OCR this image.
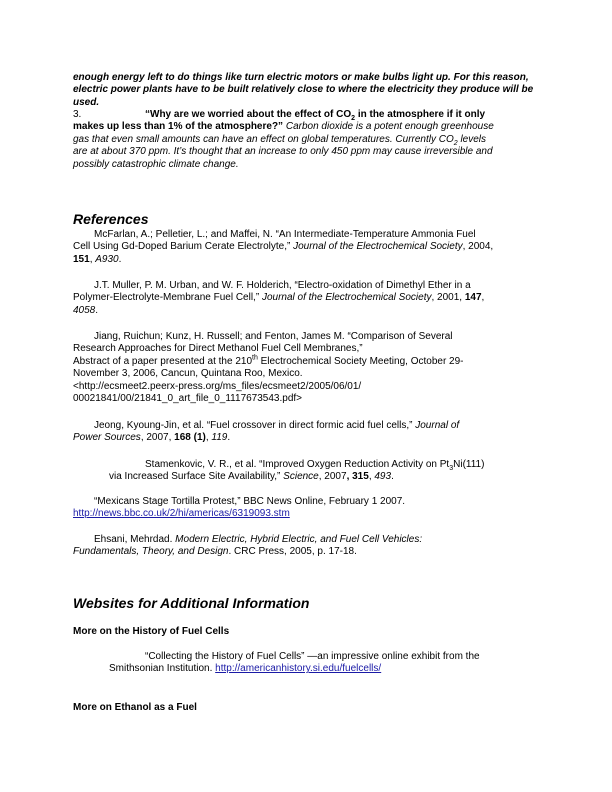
enough energy left to do things like turn electric motors or make bulbs light up. For this reason,
electric power plants have to be built relatively close to where the electricity they produce will be
used.
3.	“Why are we worried about the effect of $CO_2$ in the atmosphere if it only
makes up less than 1% of the atmosphere?” Carbon dioxide is a potent enough greenhouse
gas that even small amounts can have an effect on global temperatures. Currently $CO_2$ levels
are at about 370 ppm. It’s thought that an increase to only 450 ppm may cause irreversible and
possibly catastrophic climate change.
References
McFarlan, A.; Pelletier, L.; and Maffei, N. “An Intermediate-Temperature Ammonia Fuel
Cell Using Gd-Doped Barium Cerate Electrolyte,” Journal of the Electrochemical Society, 2004,
151, A930.
J.T. Muller, P. M. Urban, and W. F. Holderich, “Electro-oxidation of Dimethyl Ether in a
Polymer-Electrolyte-Membrane Fuel Cell,” Journal of the Electrochemical Society, 2001, 147,
4058.
Jiang, Ruichun; Kunz, H. Russell; and Fenton, James M. “Comparison of Several
Research Approaches for Direct Methanol Fuel Cell Membranes,”
Abstract of a paper presented at the 210th Electrochemical Society Meeting, October 29-
November 3, 2006, Cancun, Quintana Roo, Mexico.
<http://ecsmeet2.peerx-press.org/ms_files/ecsmeet2/2005/06/01/
00021841/00/21841_0_art_file_0_1117673543.pdf>
Jeong, Kyoung-Jin, et al. “Fuel crossover in direct formic acid fuel cells,” Journal of
Power Sources, 2007, 168 (1), 119.
Stamenkovic, V. R., et al. “Improved Oxygen Reduction Activity on $Pt_3Ni(111)$
via Increased Surface Site Availability,” Science, 2007, 315, 493.
“Mexicans Stage Tortilla Protest,” BBC News Online, February 1 2007.
http://news.bbc.co.uk/2/hi/americas/6319093.stm
Ehsani, Mehrdad. Modern Electric, Hybrid Electric, and Fuel Cell Vehicles:
Fundamentals, Theory, and Design. CRC Press, 2005, p. 17-18.
Websites for Additional Information
More on the History of Fuel Cells
“Collecting the History of Fuel Cells” —an impressive online exhibit from the
Smithsonian Institution. http://americanhistory.si.edu/fuelcells/
More on Ethanol as a Fuel
